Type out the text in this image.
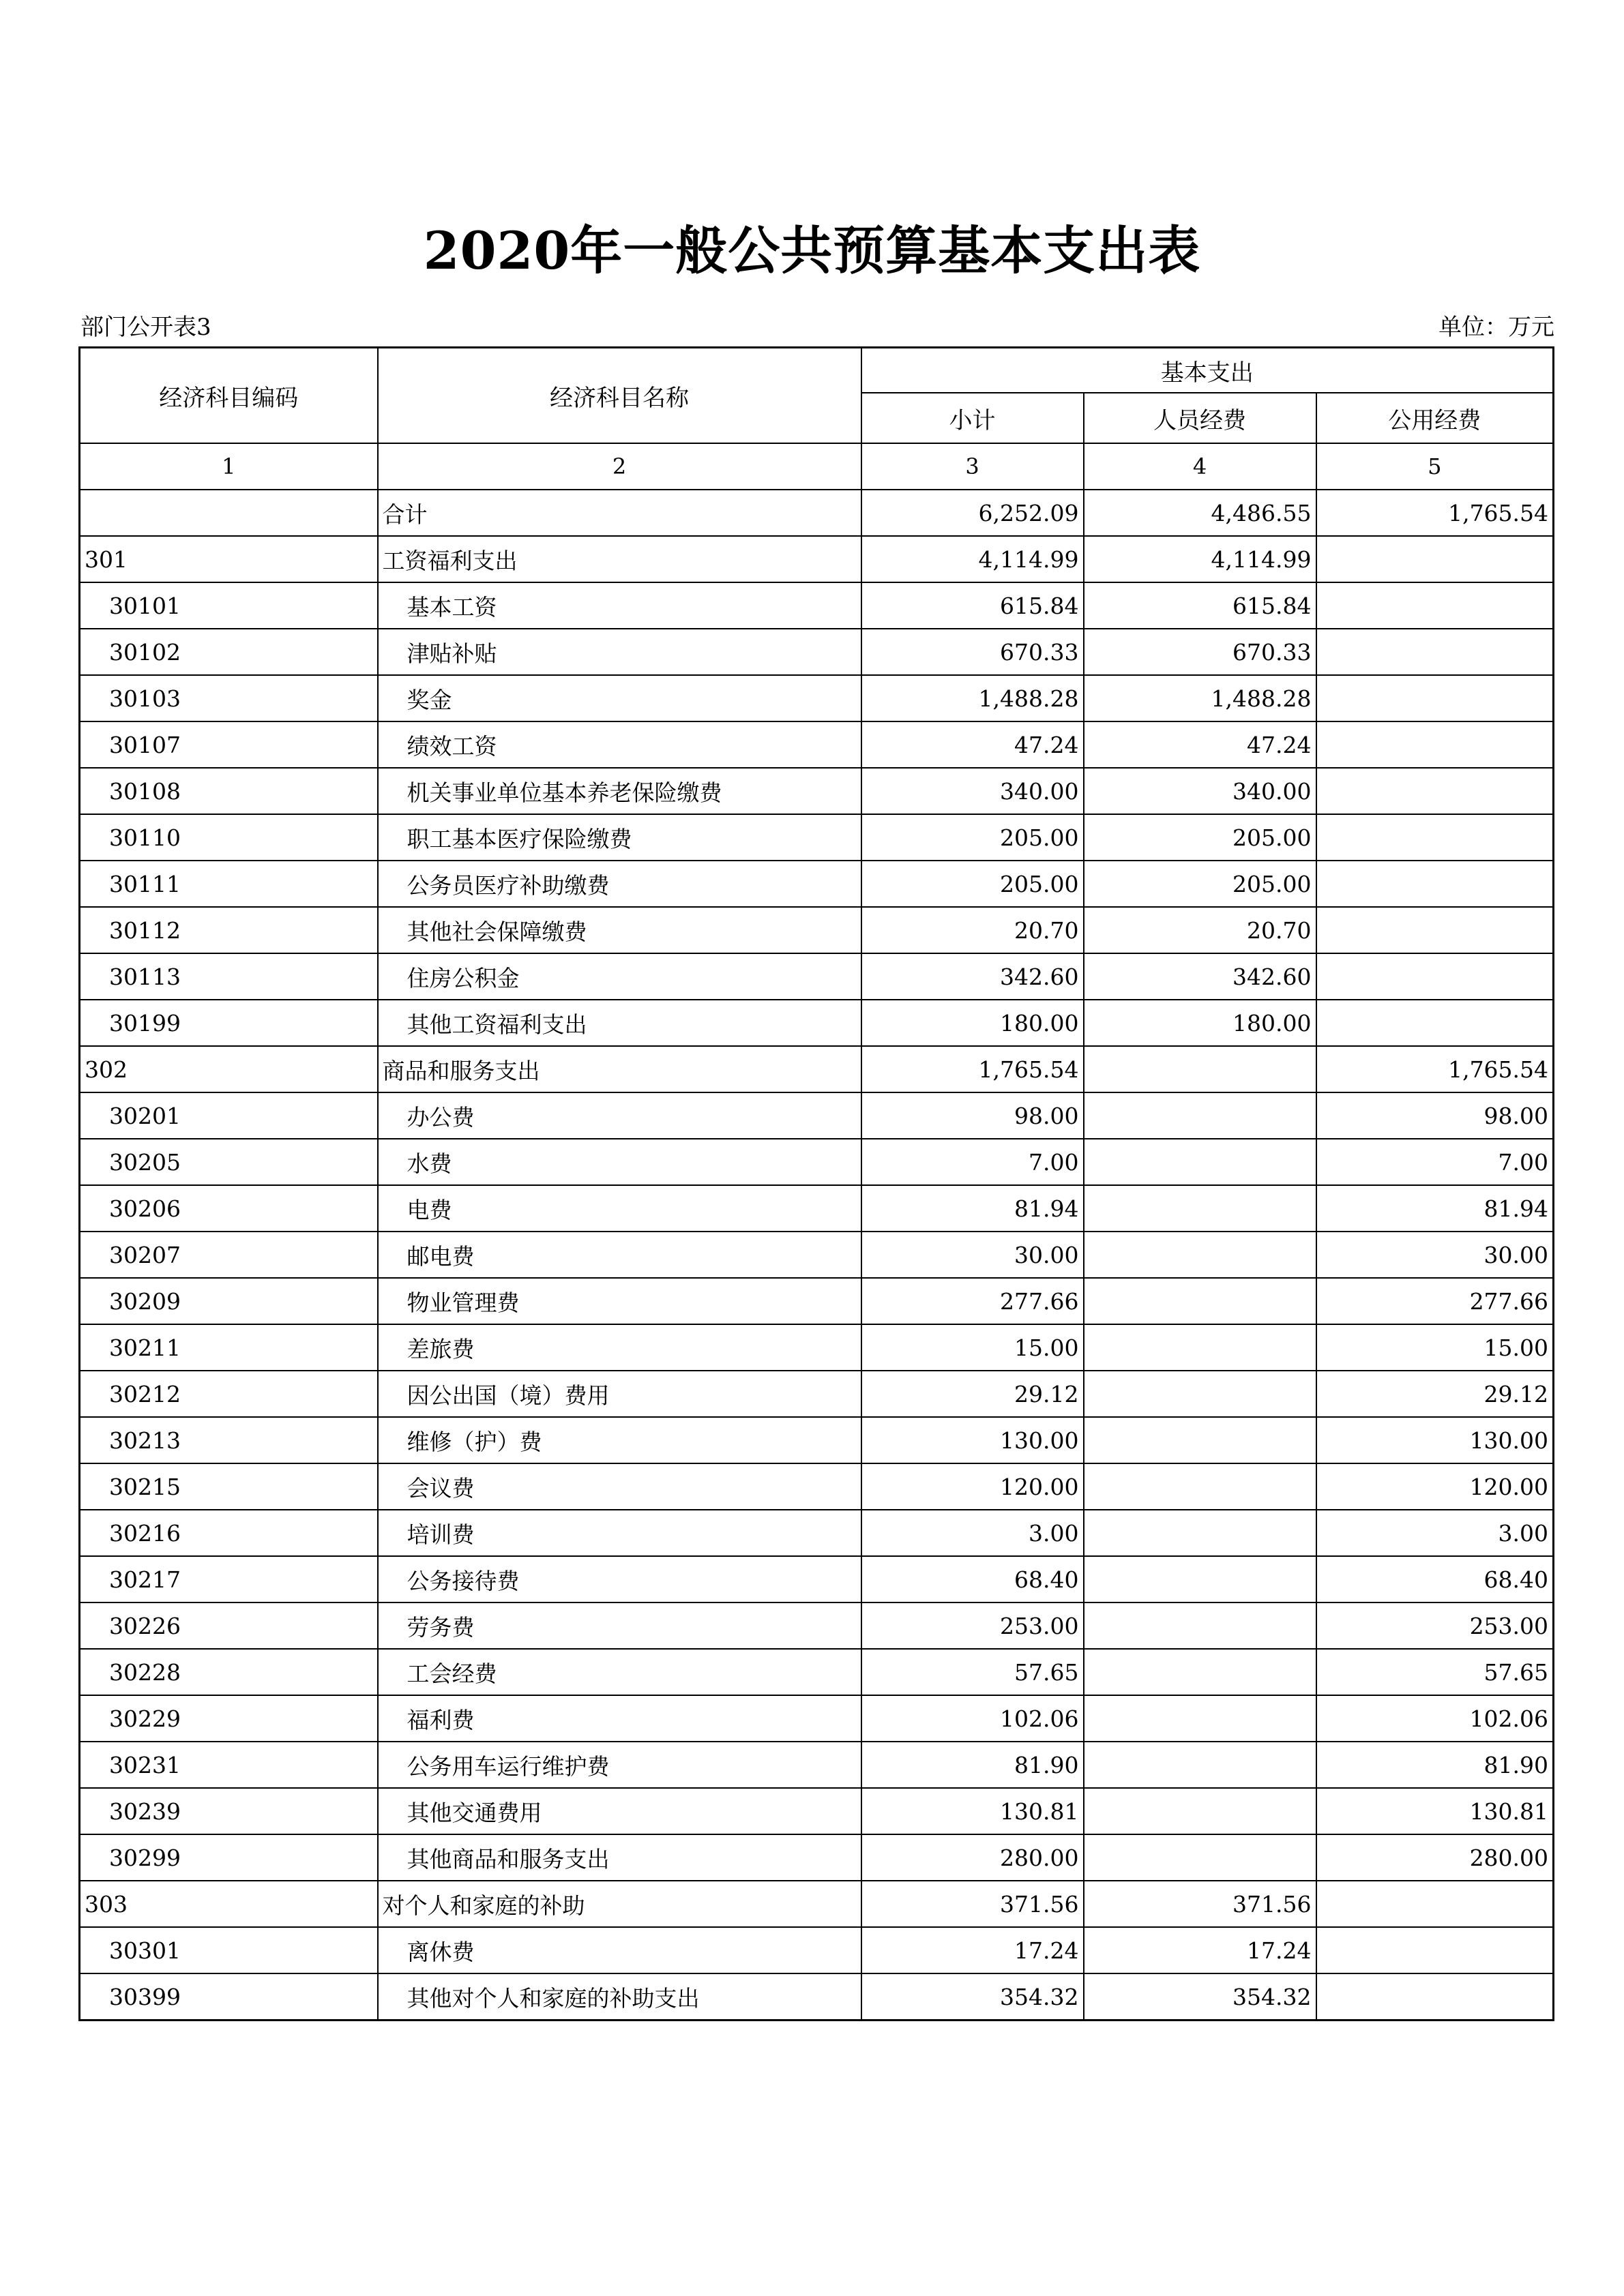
2020年一般公共预算基本支出表
部门公开表3	单位：万元
经济科目编码	经济科目名称	基本支出		
		小计	人员经费	公用经费
1	2	3	4	5
	合计	6,252.09	4,486.55	1,765.54
301	工资福利支出	4,114.99	4,114.99	
30101	基本工资	615.84	615.84	
30102	津贴补贴	670.33	670.33	
30103	奖金	1,488.28	1,488.28	
30107	绩效工资	47.24	47.24	
30108	机关事业单位基本养老保险缴费	340.00	340.00	
30110	职工基本医疗保险缴费	205.00	205.00	
30111	公务员医疗补助缴费	205.00	205.00	
30112	其他社会保障缴费	20.70	20.70	
30113	住房公积金	342.60	342.60	
30199	其他工资福利支出	180.00	180.00	
302	商品和服务支出	1,765.54		1,765.54
30201	办公费	98.00		98.00
30205	水费	7.00		7.00
30206	电费	81.94		81.94
30207	邮电费	30.00		30.00
30209	物业管理费	277.66		277.66
30211	差旅费	15.00		15.00
30212	因公出国（境）费用	29.12		29.12
30213	维修（护）费	130.00		130.00
30215	会议费	120.00		120.00
30216	培训费	3.00		3.00
30217	公务接待费	68.40		68.40
30226	劳务费	253.00		253.00
30228	工会经费	57.65		57.65
30229	福利费	102.06		102.06
30231	公务用车运行维护费	81.90		81.90
30239	其他交通费用	130.81		130.81
30299	其他商品和服务支出	280.00		280.00
303	对个人和家庭的补助	371.56	371.56	
30301	离休费	17.24	17.24	
30399	其他对个人和家庭的补助支出	354.32	354.32	
